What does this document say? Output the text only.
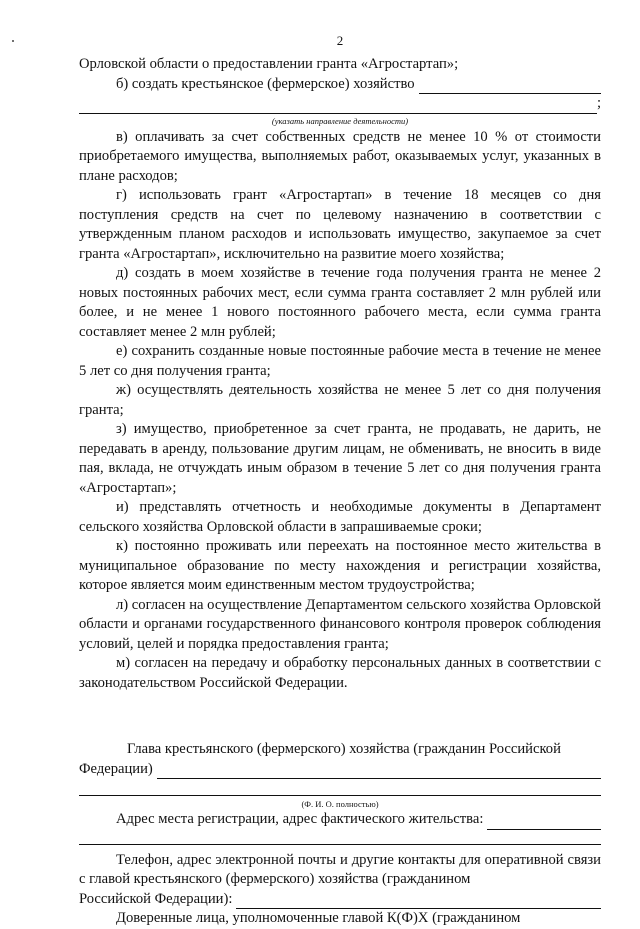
2

Орловской области о предоставлении гранта «Агростартап»;

б) создать крестьянское (фермерское) хозяйство
;
(указать направление деятельности)

в) оплачивать за счет собственных средств не менее 10 % от стоимости приобретаемого имущества, выполняемых работ, оказываемых услуг, указанных в плане расходов;

г) использовать грант «Агростартап» в течение 18 месяцев со дня поступления средств на счет по целевому назначению в соответствии с утвержденным планом расходов и использовать имущество, закупаемое за счет гранта «Агростартап», исключительно на развитие моего хозяйства;

д) создать в моем хозяйстве в течение года получения гранта не менее 2 новых постоянных рабочих мест, если сумма гранта составляет 2 млн рублей или более, и не менее 1 нового постоянного рабочего места, если сумма гранта составляет менее 2 млн рублей;

е) сохранить созданные новые постоянные рабочие места в течение не менее 5 лет со дня получения гранта;

ж) осуществлять деятельность хозяйства не менее 5 лет со дня получения гранта;

з) имущество, приобретенное за счет гранта, не продавать, не дарить, не передавать в аренду, пользование другим лицам, не обменивать, не вносить в виде пая, вклада, не отчуждать иным образом в течение 5 лет со дня получения гранта «Агростартап»;

и) представлять отчетность и необходимые документы в Департамент сельского хозяйства Орловской области в запрашиваемые сроки;

к) постоянно проживать или переехать на постоянное место жительства в муниципальное образование по месту нахождения и регистрации хозяйства, которое является моим единственным местом трудоустройства;

л) согласен на осуществление Департаментом сельского хозяйства Орловской области и органами государственного финансового контроля проверок соблюдения условий, целей и порядка предоставления гранта;

м) согласен на передачу и обработку персональных данных в соответствии с законодательством Российской Федерации.

Глава крестьянского (фермерского) хозяйства (гражданин Российской

Федерации)
(Ф. И. О. полностью)
Адрес места регистрации, адрес фактического жительства:

Телефон, адрес электронной почты и другие контакты для оперативной связи с главой крестьянского (фермерского) хозяйства (гражданином

Российской Федерации):

Доверенные лица, уполномоченные главой К(Ф)Х (гражданином
